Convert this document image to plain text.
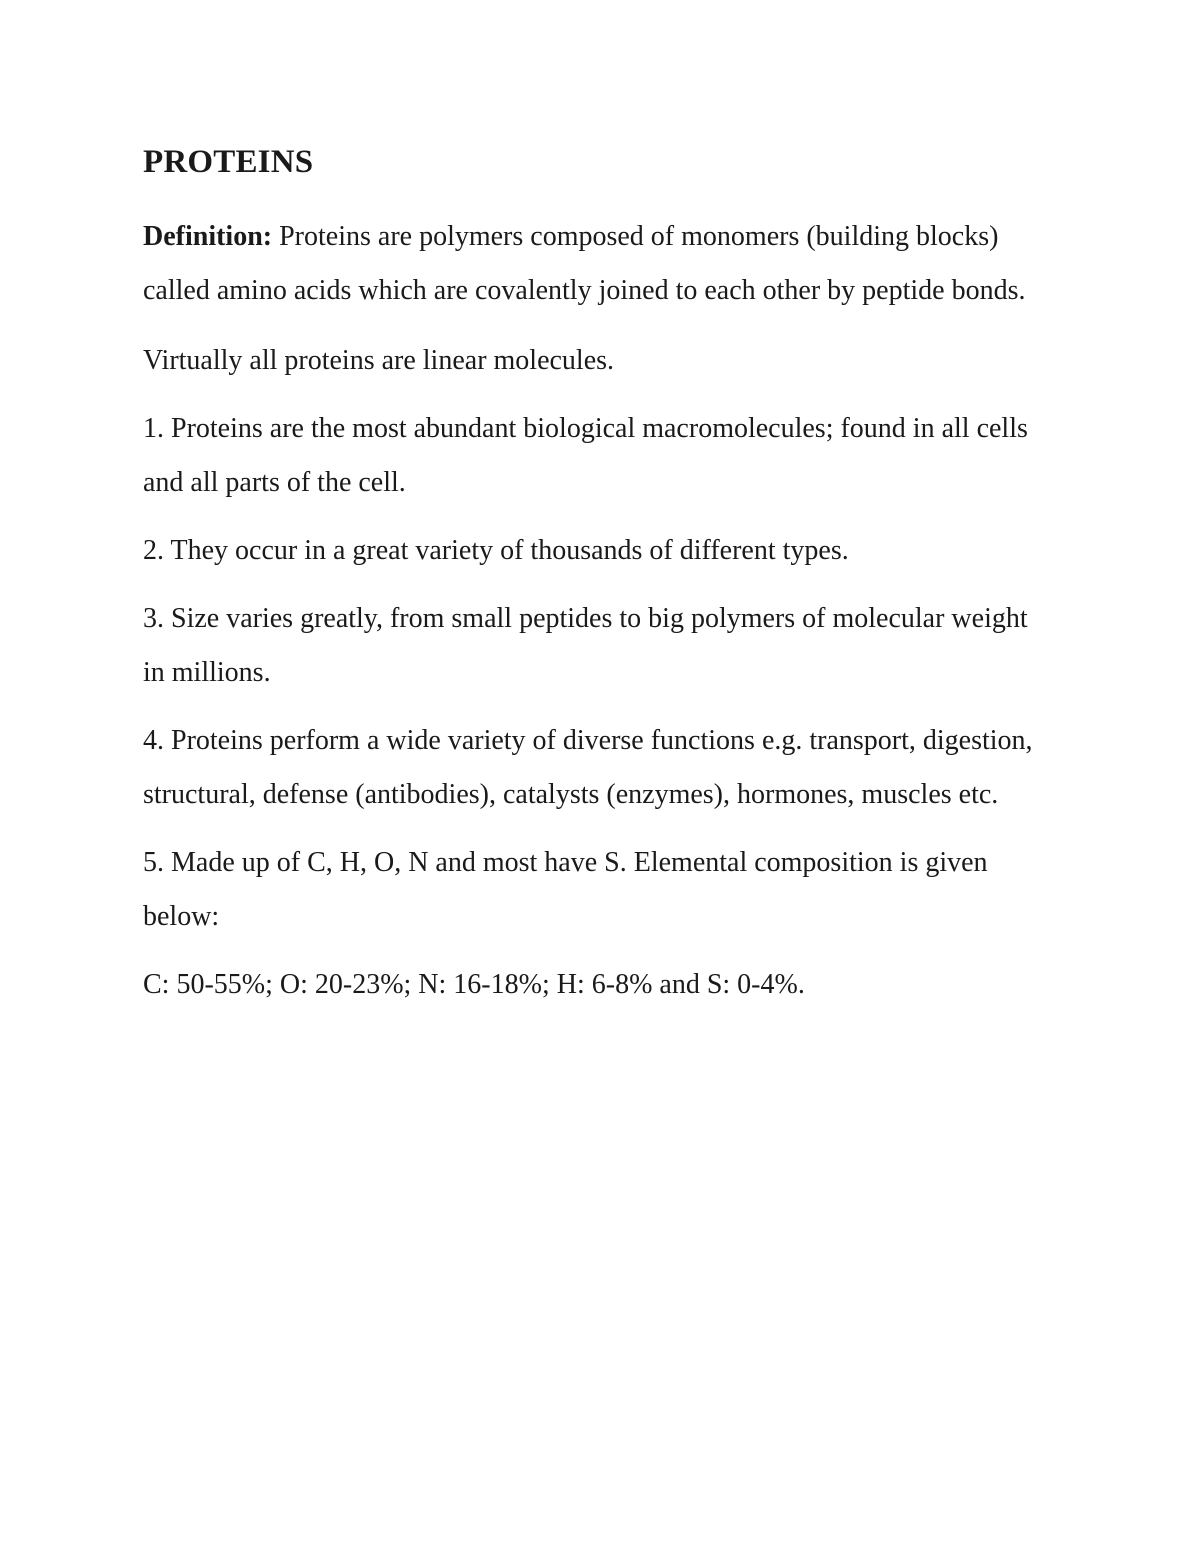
PROTEINS

Definition: Proteins are polymers composed of monomers (building blocks) called amino acids which are covalently joined to each other by peptide bonds.

Virtually all proteins are linear molecules.

1. Proteins are the most abundant biological macromolecules; found in all cells and all parts of the cell.

2. They occur in a great variety of thousands of different types.

3. Size varies greatly, from small peptides to big polymers of molecular weight in millions.

4. Proteins perform a wide variety of diverse functions e.g. transport, digestion, structural, defense (antibodies), catalysts (enzymes), hormones, muscles etc.

5. Made up of C, H, O, N and most have S. Elemental composition is given below:

C: 50-55%; O: 20-23%; N: 16-18%; H: 6-8% and S: 0-4%.
